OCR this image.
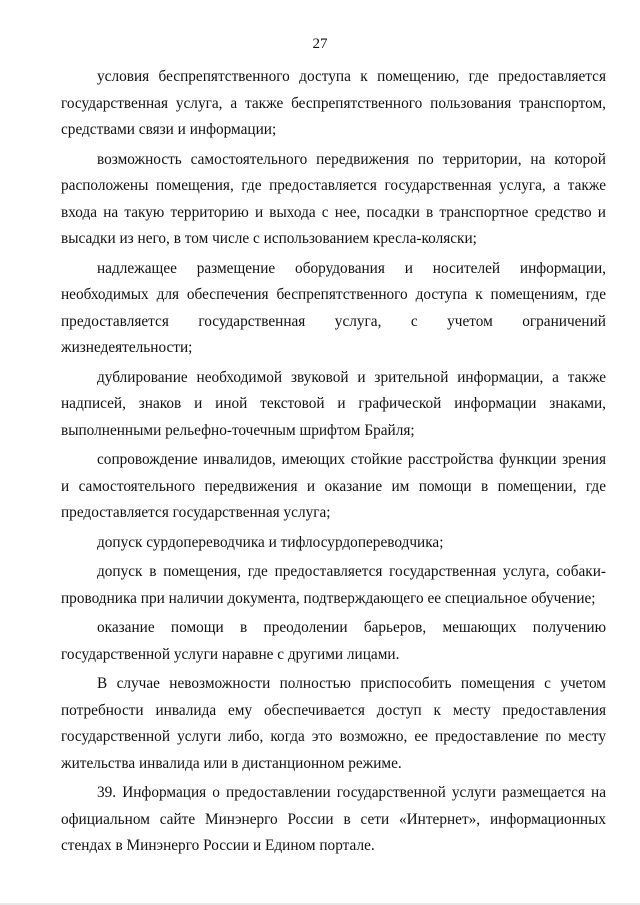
27

условия беспрепятственного доступа к помещению, где предоставляется государственная услуга, а также беспрепятственного пользования транспортом, средствами связи и информации;

возможность самостоятельного передвижения по территории, на которой расположены помещения, где предоставляется государственная услуга, а также входа на такую территорию и выхода с нее, посадки в транспортное средство и высадки из него, в том числе с использованием кресла-коляски;

надлежащее размещение оборудования и носителей информации, необходимых для обеспечения беспрепятственного доступа к помещениям, где предоставляется государственная услуга, с учетом ограничений жизнедеятельности;

дублирование необходимой звуковой и зрительной информации, а также надписей, знаков и иной текстовой и графической информации знаками, выполненными рельефно-точечным шрифтом Брайля;

сопровождение инвалидов, имеющих стойкие расстройства функции зрения и самостоятельного передвижения и оказание им помощи в помещении, где предоставляется государственная услуга;

допуск сурдопереводчика и тифлосурдопереводчика;

допуск в помещения, где предоставляется государственная услуга, собаки-проводника при наличии документа, подтверждающего ее специальное обучение;

оказание помощи в преодолении барьеров, мешающих получению государственной услуги наравне с другими лицами.

В случае невозможности полностью приспособить помещения с учетом потребности инвалида ему обеспечивается доступ к месту предоставления государственной услуги либо, когда это возможно, ее предоставление по месту жительства инвалида или в дистанционном режиме.

39. Информация о предоставлении государственной услуги размещается на официальном сайте Минэнерго России в сети «Интернет», информационных стендах в Минэнерго России и Едином портале.
